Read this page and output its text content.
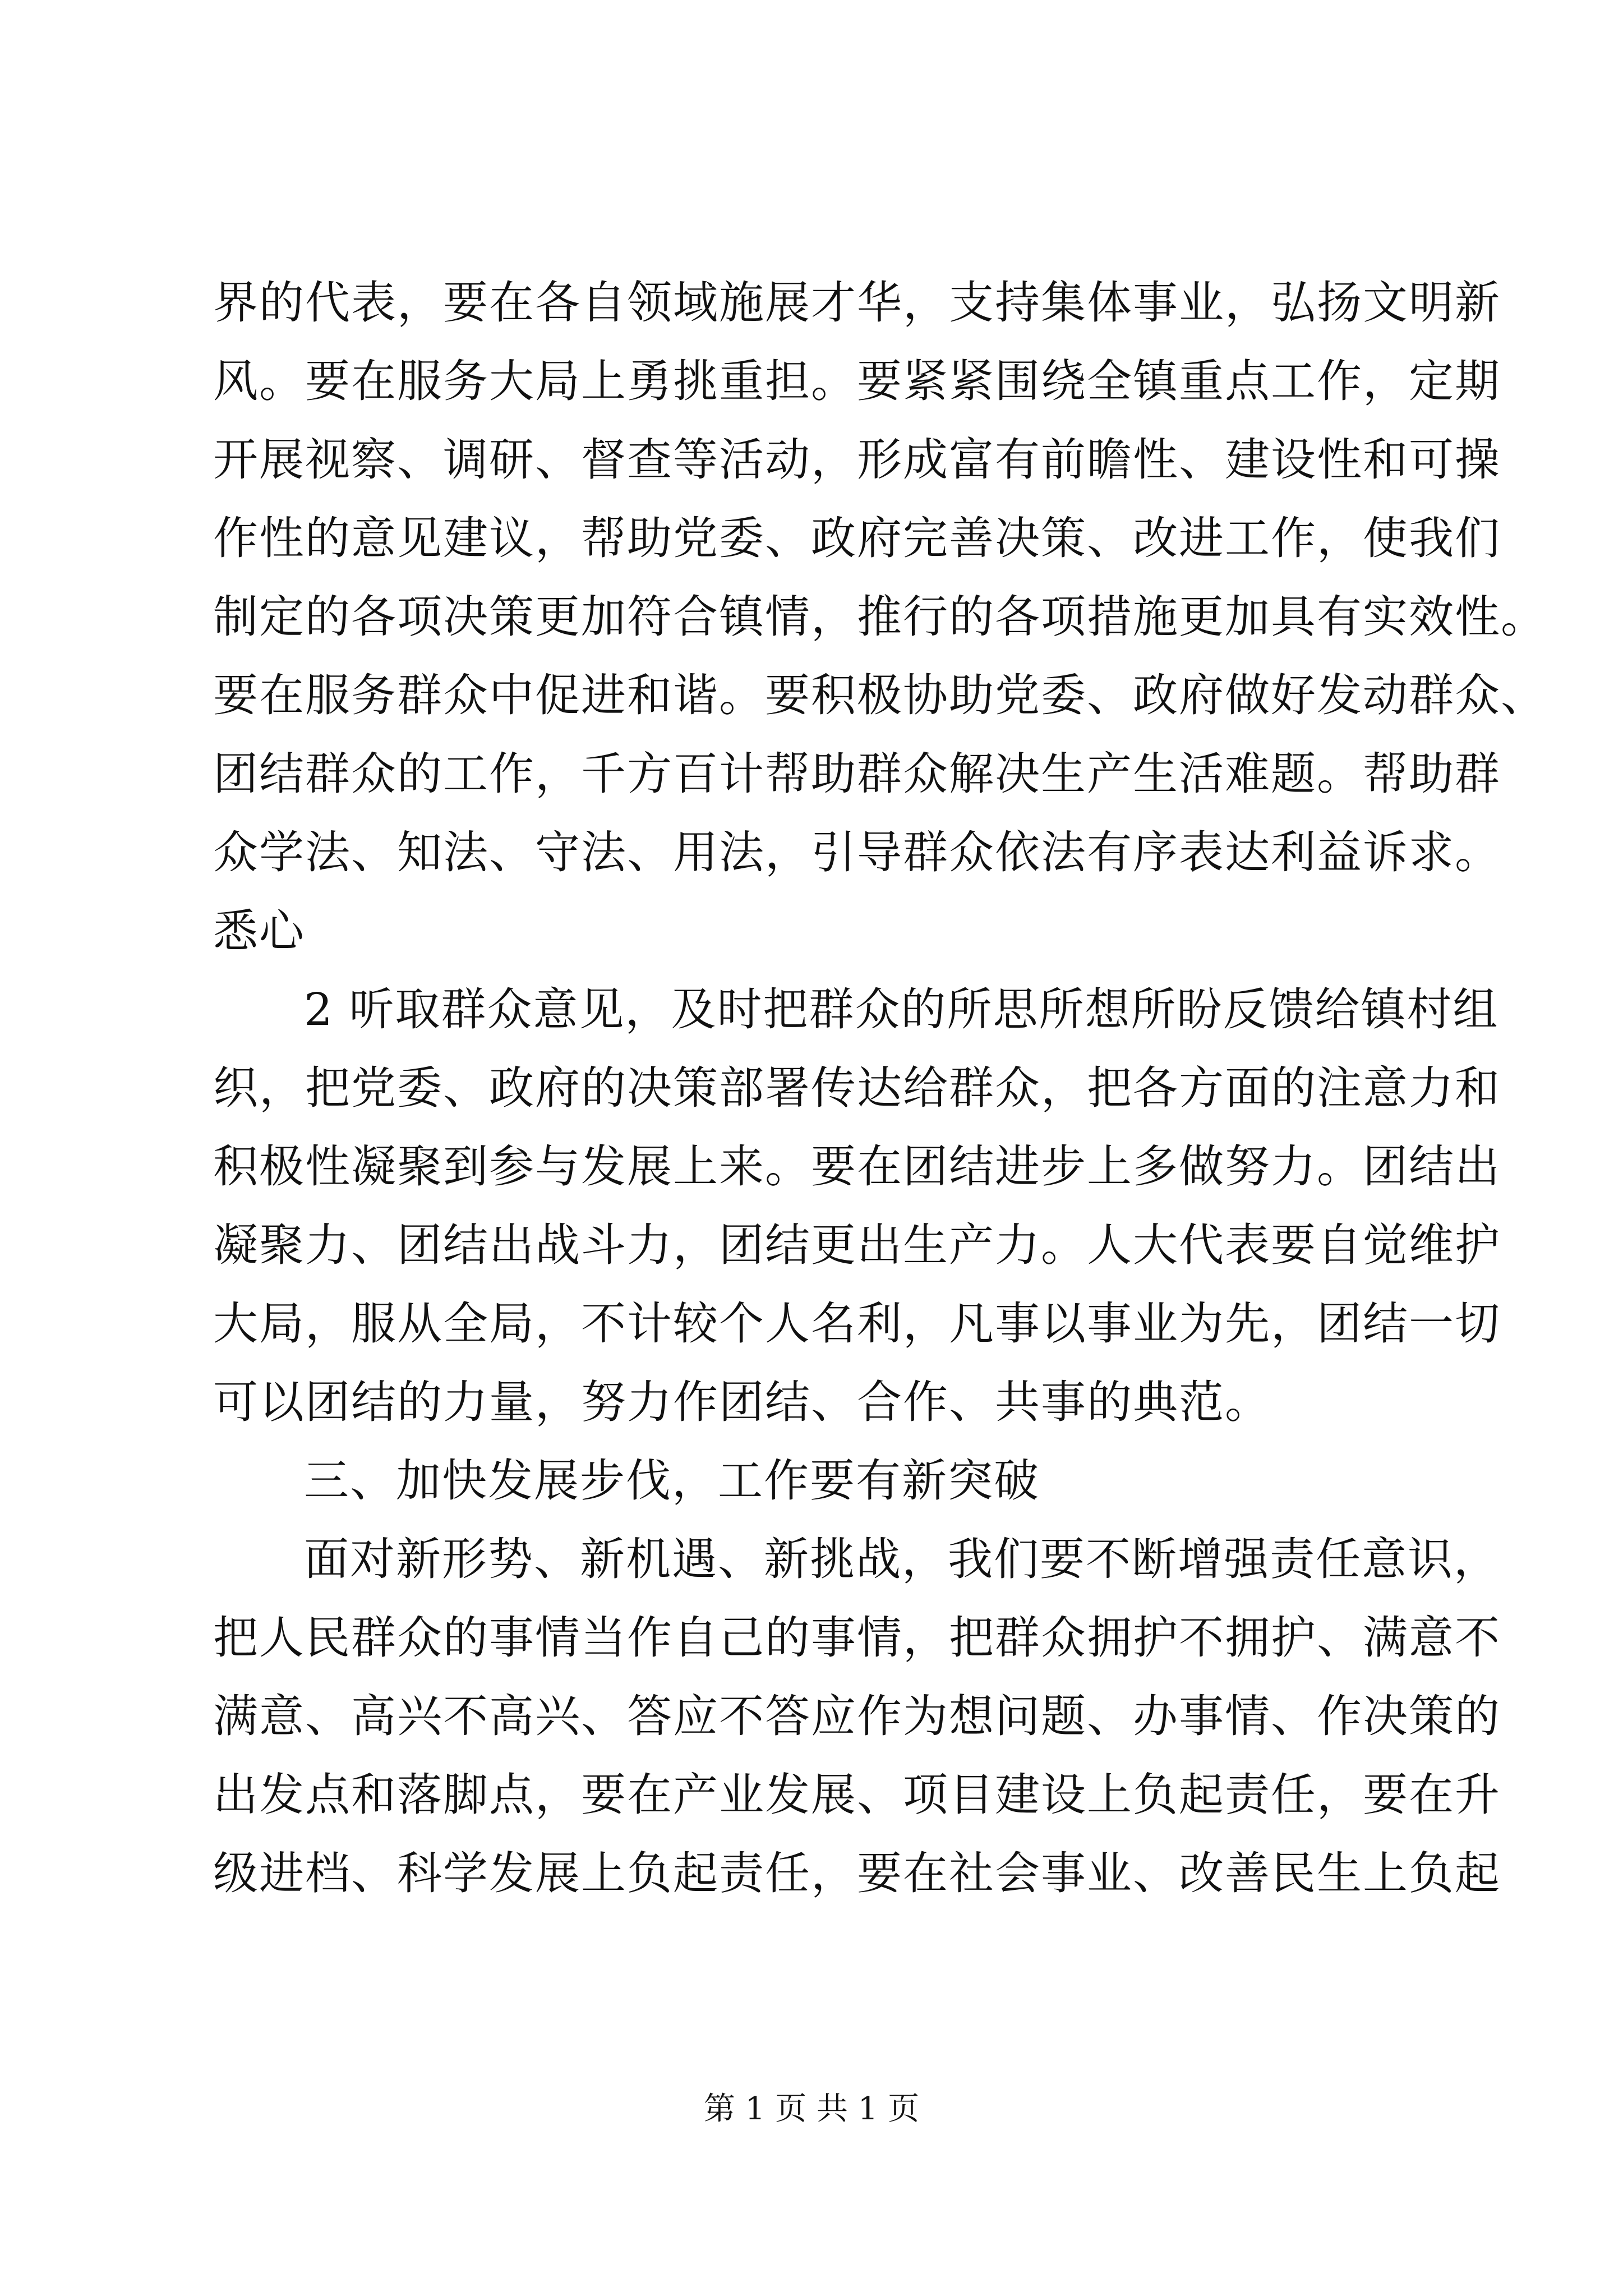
界的代表，要在各自领域施展才华，支持集体事业，弘扬文明新
风。要在服务大局上勇挑重担。要紧紧围绕全镇重点工作，定期
开展视察、调研、督查等活动，形成富有前瞻性、建设性和可操
作性的意见建议，帮助党委、政府完善决策、改进工作，使我们
制定的各项决策更加符合镇情，推行的各项措施更加具有实效性。
要在服务群众中促进和谐。要积极协助党委、政府做好发动群众、
团结群众的工作，千方百计帮助群众解决生产生活难题。帮助群
众学法、知法、守法、用法，引导群众依法有序表达利益诉求。
悉心
2 听取群众意见，及时把群众的所思所想所盼反馈给镇村组
织，把党委、政府的决策部署传达给群众，把各方面的注意力和
积极性凝聚到参与发展上来。要在团结进步上多做努力。团结出
凝聚力、团结出战斗力，团结更出生产力。人大代表要自觉维护
大局，服从全局，不计较个人名利，凡事以事业为先，团结一切
可以团结的力量，努力作团结、合作、共事的典范。
三、加快发展步伐，工作要有新突破
面对新形势、新机遇、新挑战，我们要不断增强责任意识，
把人民群众的事情当作自己的事情，把群众拥护不拥护、满意不
满意、高兴不高兴、答应不答应作为想问题、办事情、作决策的
出发点和落脚点，要在产业发展、项目建设上负起责任，要在升
级进档、科学发展上负起责任，要在社会事业、改善民生上负起
第 1 页 共 1 页
